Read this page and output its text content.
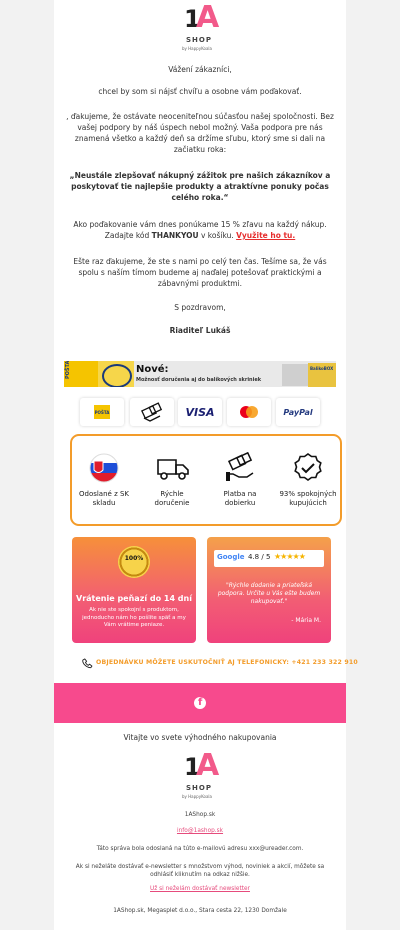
1
SHOP
by HappyKoala
A
Vážení zákazníci,
chcel by som si nájsť chvíľu a osobne vám poďakovať.
, ďakujeme, že ostávate neoceniteľnou súčasťou našej spoločnosti. Bez vašej podpory by náš úspech nebol možný. Vaša podpora pre nás znamená všetko a každý deň sa držíme sľubu, ktorý sme si dali na začiatku roka:
„Neustále zlepšovať nákupný zážitok pre našich zákazníkov a poskytovať tie najlepšie produkty a atraktívne ponuky počas celého roka.“
Ako poďakovanie vám dnes ponúkame 15 % zľavu na každý nákup. Zadajte kód THANKYOU v košíku. Využite ho tu.
Ešte raz ďakujeme, že ste s nami po celý ten čas. Tešíme sa, že vás spolu s naším tímom budeme aj naďalej potešovať praktickými a zábavnými produktmi.
S pozdravom,
Riaditeľ Lukáš
POŠTA	Nové:
Možnosť doručenia aj do balíkových skriniek
BalikoBOX
POŠTA	VISA	PayPal
Odoslané z SK skladu
Rýchle doručenie
Platba na dobierku
93% spokojných kupujúcich
100%
Vrátenie peňazí do 14 dní
Ak nie ste spokojní s produktom, jednoducho nám ho pošlite späť a my Vám vrátime peniaze.
Google 4.8 / 5 ★★★★★
"Rýchle dodanie a priateľská podpora. Určite u Vás ešte budem nakupovať."
- Mária M.
OBJEDNÁVKU MÔŽETE USKUTOČNIŤ AJ TELEFONICKY: +421 233 322 910
f
Vitajte vo svete výhodného nakupovania
1
SHOP
by HappyKoala
A
1AShop.sk
info@1ashop.sk
Táto správa bola odoslaná na túto e-mailovú adresu xxx@ureader.com.
Ak si neželáte dostávať e-newsletter s množstvom výhod, noviniek a akcií, môžete sa odhlásiť kliknutím na odkaz nižšie.
Už si neželám dostávať newsletter
1AShop.sk, Megasplet d.o.o., Stara cesta 22, 1230 Domžale
